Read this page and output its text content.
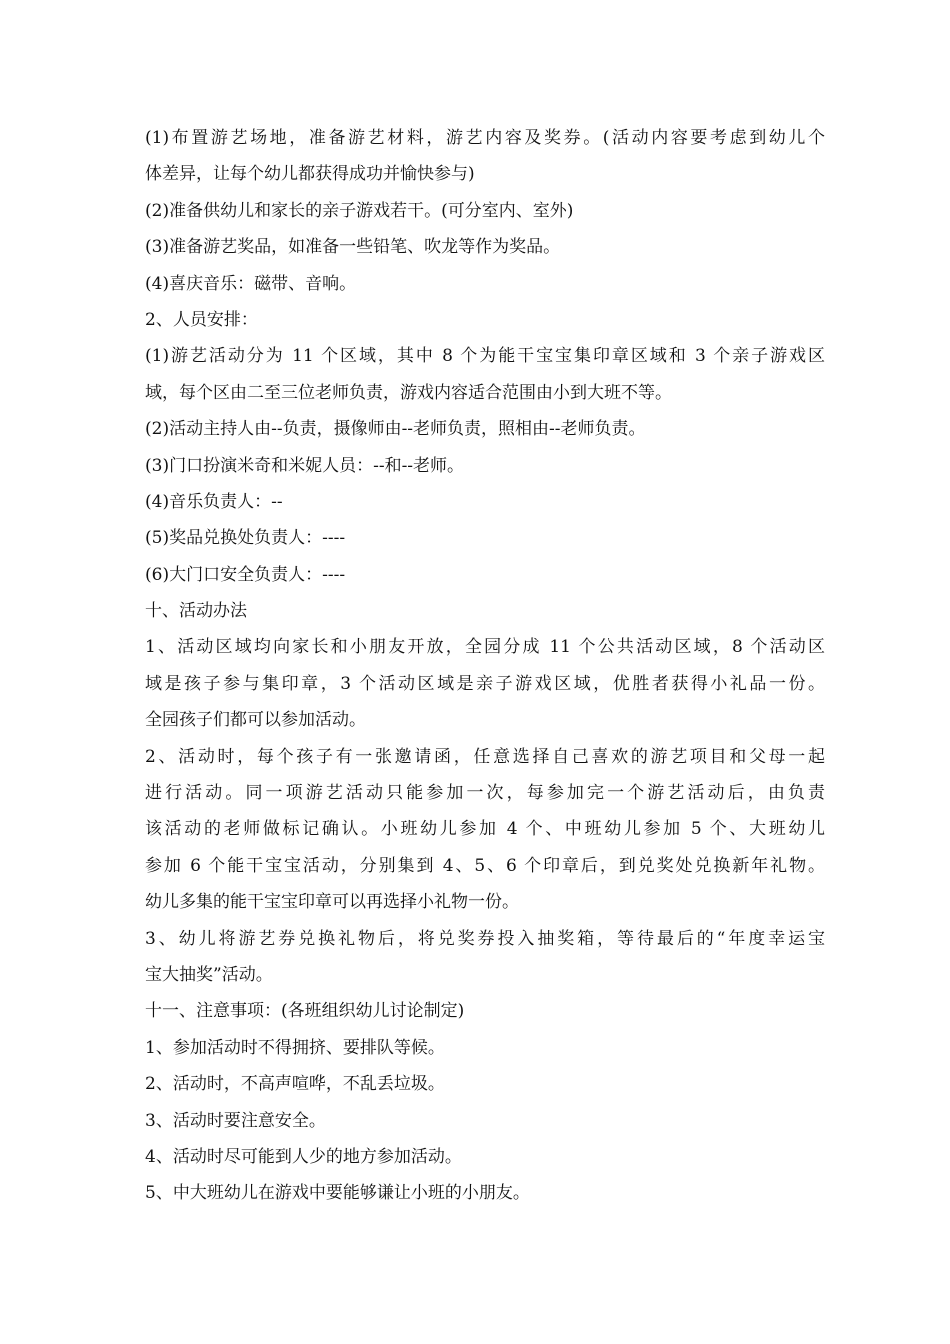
(1)布置游艺场地，准备游艺材料，游艺内容及奖券。(活动内容要考虑到幼儿个
体差异，让每个幼儿都获得成功并愉快参与)
(2)准备供幼儿和家长的亲子游戏若干。(可分室内、室外)
(3)准备游艺奖品，如准备一些铅笔、吹龙等作为奖品。
(4)喜庆音乐：磁带、音响。
2、人员安排：
(1)游艺活动分为 11 个区域，其中 8 个为能干宝宝集印章区域和 3 个亲子游戏区
域，每个区由二至三位老师负责，游戏内容适合范围由小到大班不等。
(2)活动主持人由--负责，摄像师由--老师负责，照相由--老师负责。
(3)门口扮演米奇和米妮人员：--和--老师。
(4)音乐负责人：--
(5)奖品兑换处负责人：----
(6)大门口安全负责人：----
十、活动办法
1、活动区域均向家长和小朋友开放，全园分成 11 个公共活动区域，8 个活动区
域是孩子参与集印章，3 个活动区域是亲子游戏区域，优胜者获得小礼品一份。
全园孩子们都可以参加活动。
2、活动时，每个孩子有一张邀请函，任意选择自己喜欢的游艺项目和父母一起
进行活动。同一项游艺活动只能参加一次，每参加完一个游艺活动后，由负责
该活动的老师做标记确认。小班幼儿参加 4 个、中班幼儿参加 5 个、大班幼儿
参加 6 个能干宝宝活动，分别集到 4、5、6 个印章后，到兑奖处兑换新年礼物。
幼儿多集的能干宝宝印章可以再选择小礼物一份。
3、幼儿将游艺券兑换礼物后，将兑奖券投入抽奖箱，等待最后的“年度幸运宝
宝大抽奖”活动。
十一、注意事项：(各班组织幼儿讨论制定)
1、参加活动时不得拥挤、要排队等候。
2、活动时，不高声喧哗，不乱丢垃圾。
3、活动时要注意安全。
4、活动时尽可能到人少的地方参加活动。
5、中大班幼儿在游戏中要能够谦让小班的小朋友。
